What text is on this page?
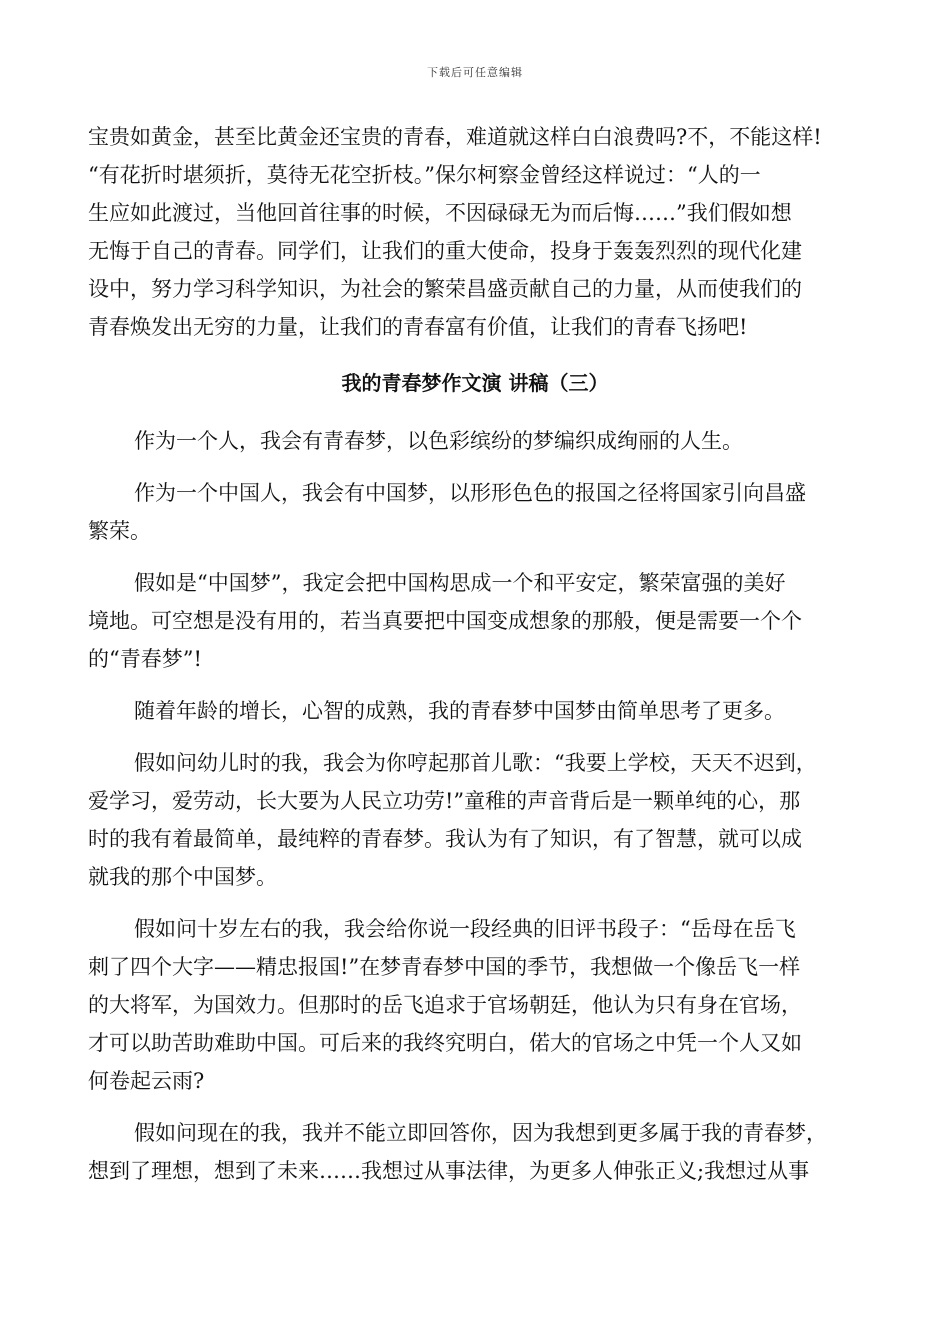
下载后可任意编辑
宝贵如黄金，甚至比黄金还宝贵的青春，难道就这样白白浪费吗?不，不能这样!
“有花折时堪须折，莫待无花空折枝。”保尔柯察金曾经这样说过：“人的一
生应如此渡过，当他回首往事的时候，不因碌碌无为而后悔……”我们假如想
无悔于自己的青春。同学们，让我们的重大使命，投身于轰轰烈烈的现代化建
设中，努力学习科学知识，为社会的繁荣昌盛贡献自己的力量，从而使我们的
青春焕发出无穷的力量，让我们的青春富有价值，让我们的青春飞扬吧!
我的青春梦作文演 讲稿（三）
作为一个人，我会有青春梦，以色彩缤纷的梦编织成绚丽的人生。
作为一个中国人，我会有中国梦，以形形色色的报国之径将国家引向昌盛
繁荣。
假如是“中国梦”，我定会把中国构思成一个和平安定，繁荣富强的美好
境地。可空想是没有用的，若当真要把中国变成想象的那般，便是需要一个个
的“青春梦”!
随着年龄的增长，心智的成熟，我的青春梦中国梦由简单思考了更多。
假如问幼儿时的我，我会为你哼起那首儿歌：“我要上学校，天天不迟到，
爱学习，爱劳动，长大要为人民立功劳!”童稚的声音背后是一颗单纯的心，那
时的我有着最简单，最纯粹的青春梦。我认为有了知识，有了智慧，就可以成
就我的那个中国梦。
假如问十岁左右的我，我会给你说一段经典的旧评书段子：“岳母在岳飞
刺了四个大字——精忠报国!”在梦青春梦中国的季节，我想做一个像岳飞一样
的大将军，为国效力。但那时的岳飞追求于官场朝廷，他认为只有身在官场，
才可以助苦助难助中国。可后来的我终究明白，偌大的官场之中凭一个人又如
何卷起云雨?
假如问现在的我，我并不能立即回答你，因为我想到更多属于我的青春梦，
想到了理想，想到了未来……我想过从事法律，为更多人伸张正义;我想过从事
